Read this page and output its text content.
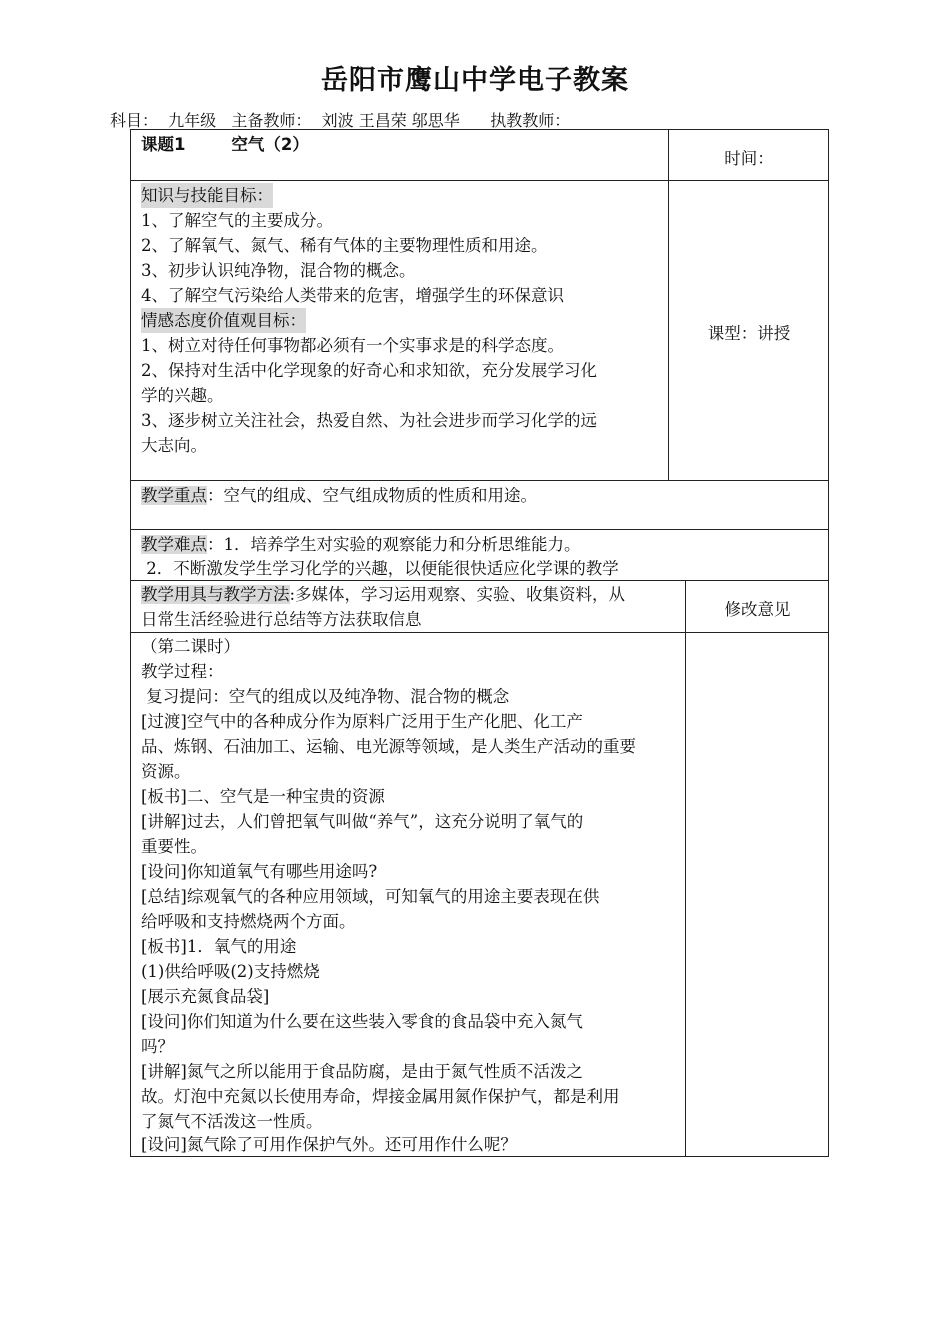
岳阳市鹰山中学电子教案
科目：  九年级   主备教师：  刘波 王昌荣 邬思华      执教教师：
课题1        空气（2）
时间：
知识与技能目标：
1、了解空气的主要成分。
2、了解氧气、氮气、稀有气体的主要物理性质和用途。
3、初步认识纯净物，混合物的概念。
4、了解空气污染给人类带来的危害，增强学生的环保意识
情感态度价值观目标：
1、树立对待任何事物都必须有一个实事求是的科学态度。
2、保持对生活中化学现象的好奇心和求知欲，充分发展学习化
学的兴趣。
3、逐步树立关注社会，热爱自然、为社会进步而学习化学的远
大志向。
课型：讲授
教学重点：空气的组成、空气组成物质的性质和用途。
教学难点：1．培养学生对实验的观察能力和分析思维能力。
2．不断激发学生学习化学的兴趣，以便能很快适应化学课的教学
教学用具与教学方法:多媒体，学习运用观察、实验、收集资料，从
日常生活经验进行总结等方法获取信息
修改意见
（第二课时）
教学过程：
复习提问：空气的组成以及纯净物、混合物的概念
[过渡]空气中的各种成分作为原料广泛用于生产化肥、化工产
品、炼钢、石油加工、运输、电光源等领域，是人类生产活动的重要
资源。
[板书]二、空气是一种宝贵的资源
[讲解]过去，人们曾把氧气叫做“养气”，这充分说明了氧气的
重要性。
[设问]你知道氧气有哪些用途吗?
[总结]综观氧气的各种应用领域，可知氧气的用途主要表现在供
给呼吸和支持燃烧两个方面。
[板书]1．氧气的用途
(1)供给呼吸(2)支持燃烧
[展示充氮食品袋]
[设问]你们知道为什么要在这些装入零食的食品袋中充入氮气
吗？
[讲解]氮气之所以能用于食品防腐，是由于氮气性质不活泼之
故。灯泡中充氮以长使用寿命，焊接金属用氮作保护气，都是利用
了氮气不活泼这一性质。
[设问]氮气除了可用作保护气外。还可用作什么呢？
